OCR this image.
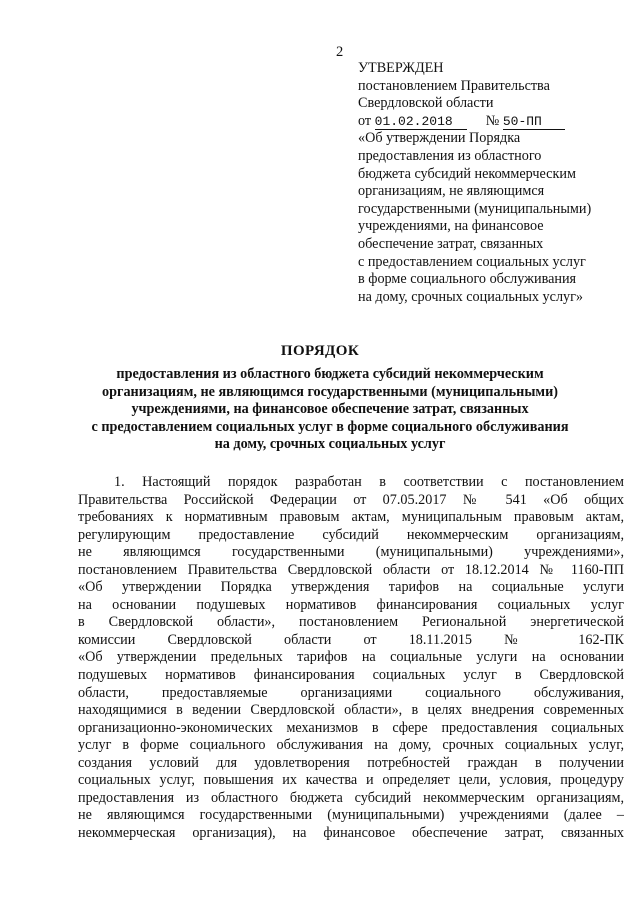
2
УТВЕРЖДЕН
постановлением Правительства
Свердловской области
от 01.02.2018 № 50-ПП
«Об утверждении Порядка
предоставления из областного
бюджета субсидий некоммерческим
организациям, не являющимся
государственными (муниципальными)
учреждениями, на финансовое
обеспечение затрат, связанных
с предоставлением социальных услуг
в форме социального обслуживания
на дому, срочных социальных услуг»
ПОРЯДОК
предоставления из областного бюджета субсидий некоммерческим
организациям, не являющимся государственными (муниципальными)
учреждениями, на финансовое обеспечение затрат, связанных
с предоставлением социальных услуг в форме социального обслуживания
на дому, срочных социальных услуг
1. Настоящий порядок разработан в соответствии с постановлением
Правительства Российской Федерации от 07.05.2017 № 541 «Об общих
требованиях к нормативным правовым актам, муниципальным правовым актам,
регулирующим предоставление субсидий некоммерческим организациям,
не являющимся государственными (муниципальными) учреждениями»,
постановлением Правительства Свердловской области от 18.12.2014 № 1160-ПП
«Об утверждении Порядка утверждения тарифов на социальные услуги
на основании подушевых нормативов финансирования социальных услуг
в Свердловской области», постановлением Региональной энергетической
комиссии Свердловской области от 18.11.2015 № 162-ПК
«Об утверждении предельных тарифов на социальные услуги на основании
подушевых нормативов финансирования социальных услуг в Свердловской
области, предоставляемые организациями социального обслуживания,
находящимися в ведении Свердловской области», в целях внедрения современных
организационно-экономических механизмов в сфере предоставления социальных
услуг в форме социального обслуживания на дому, срочных социальных услуг,
создания условий для удовлетворения потребностей граждан в получении
социальных услуг, повышения их качества и определяет цели, условия, процедуру
предоставления из областного бюджета субсидий некоммерческим организациям,
не являющимся государственными (муниципальными) учреждениями (далее –
некоммерческая организация), на финансовое обеспечение затрат, связанных
